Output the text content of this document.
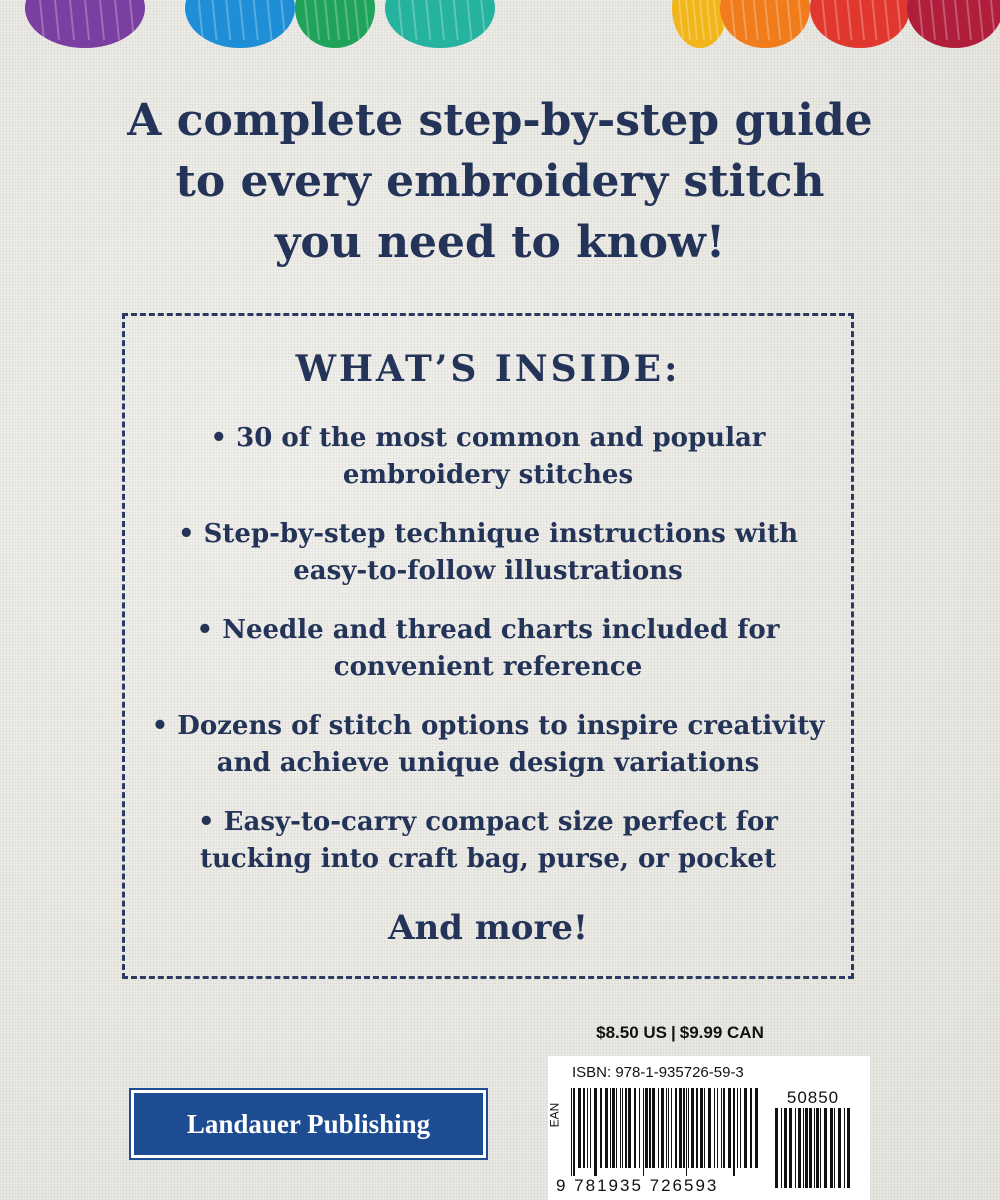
A complete step-by-step guide
to every embroidery stitch
you need to know!
WHAT’S INSIDE:
• 30 of the most common and popular
embroidery stitches
• Step-by-step technique instructions with
easy-to-follow illustrations
• Needle and thread charts included for
convenient reference
• Dozens of stitch options to inspire creativity
and achieve unique design variations
• Easy-to-carry compact size perfect for
tucking into craft bag, purse, or pocket
And more!
$8.50 US | $9.99 CAN
Landauer Publishing
ISBN: 978-1-935726-59-3
EAN
50850
9 781935 726593
